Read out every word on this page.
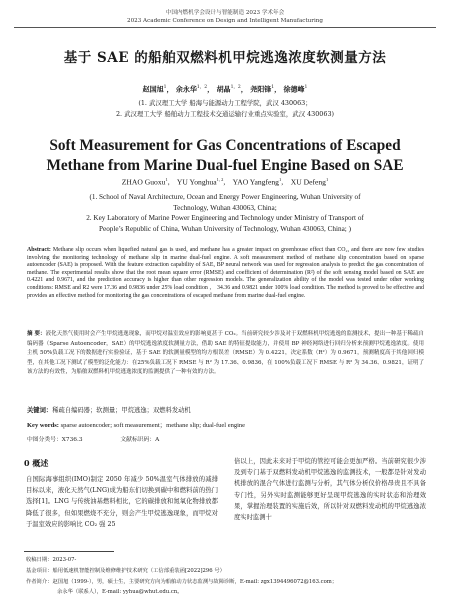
中国内燃机学会设计与智能制造 2023 学术年会
2023 Academic Conference on Design and Intelligent Manufacturing
基于 SAE 的船舶双燃料机甲烷逃逸浓度软测量方法
赵国旭$^1$， 余永华$^{1,2}$， 胡晶$^{1,2}$， 尧阳锋$^1$， 徐德峰$^1$
(1. 武汉理工大学 船海与能源动力工程学院，武汉 430063；
2. 武汉理工大学 船舶动力工程技术交通运输行业重点实验室，武汉 430063)
Soft Measurement for Gas Concentrations of Escaped
Methane from Marine Dual-fuel Engine Based on SAE
ZHAO Guoxu$^1$,    YU Yonghua$^{1, 2}$,    YAO Yangfeng$^1$,    XU Defeng$^1$
(1. School of Naval Architecture, Ocean and Energy Power Engineering, Wuhan University of
Technology, Wuhan 430063, China;
2. Key Laboratory of Marine Power Engineering and Technology under Ministry of Transport of
People’s Republic of China, Wuhan University of Technology, Wuhan 430063, China; )
Abstract: Methane slip occurs when liquefied natural gas is used, and methane has a greater impact on greenhouse effect than CO₂, and there are now few studies involving the monitoring technology of methane slip in marine dual-fuel engine. A soft measurement method of methane slip concentration based on sparse autoencoder (SAE) is proposed. With the feature extraction capability of SAE, BP neural network was used for regression analysis to predict the gas concentration of methane. The experimental results show that the root mean square error (RMSE) and coefficient of determination (R²) of the soft sensing model based on SAE are 0.4221 and 0.9671, and the prediction accuracy is higher than other regression models. The generalization ability of the model was tested under other working conditions: RMSE and R2 were 17.36 and 0.9836 under 25% load condition ， 34.36 and 0.9821 under 100% load condition. The method is proved to be effective and provides an effective method for monitoring the gas concentrations of escaped methane from marine dual-fuel engine.
摘 要：液化天然气使用时会产生甲烷逃逸现象，而甲烷对温室效应的影响更甚于 CO₂。当前研究较少涉及对于双燃料机甲烷逃逸的监测技术，提出一种基于稀疏自编码器（Sparse Autoencoder，SAE）的甲烷逃逸浓度软测量方法，借助 SAE 的特征提取能力，并使用 BP 神经网络进行回归分析来预测甲烷逃逸浓度。使用主机 50%负载工况下的数据进行实验验证，基于 SAE 的软测量模型的均方根误差（RMSE）为 0.4221，决定系数（R²）为 0.9671，预测精度高于其他回归模型，在其他工况下测试了模型的泛化能力：在25%负载工况下 RMSE 与 R² 为 17.36、0.9836，在 100%负载工况下 RMSE 与 R² 为 34.36、0.9821，证明了该方法的有效性，为船舶双燃料机甲烷逃逸浓度的监测提供了一种有效的方法。
关键词：稀疏自编码器；软测量；甲烷逃逸；双燃料发动机
Key words: sparse autoencoder; soft measurement；methane slip; dual-fuel engine
中图分类号：X736.3	文献标识码：A
0 概述
自国际海事组织(IMO)制定 2050 年减少 50%温室气体排放的减排目标以来，液化天然气(LNG)成为船东们切换到碳中和燃料前的热门选择[1]。LNG 与传统油基燃料相比，它的碳排放和氮氧化物排放都降低了很多，但如果燃烧不充分，则会产生甲烷逃逸现象，而甲烷对于温室效应的影响比 CO₂ 强 25
倍以上，因此未来对于甲烷的管控可能会更加严格。当前研究很少涉及到专门基于双燃料发动机甲烷逃逸的监测技术，一般都是针对发动机排放的混合气体进行监测与分析，其气体分析仪价格昂贵且不具备专门性，另外实时监测能够更好呈现甲烷逃逸的实时状态和治理效果，掌握治理装置的实施后效，所以针对双燃料发动机的甲烷逃逸浓度实时监测十
收稿日期：2023-07-
基金项目：船用低速机智能控制及维修维护技术研究（工信部重装函[2022]296 号）
作者简介：赵国旭（1999-），男，硕士生，主要研究方向为船舶动力状态监测与故障诊断，E-mail: zgx1394496072@163.com；
余永华（联系人），E-mail: yyhua@whut.edu.cn。
